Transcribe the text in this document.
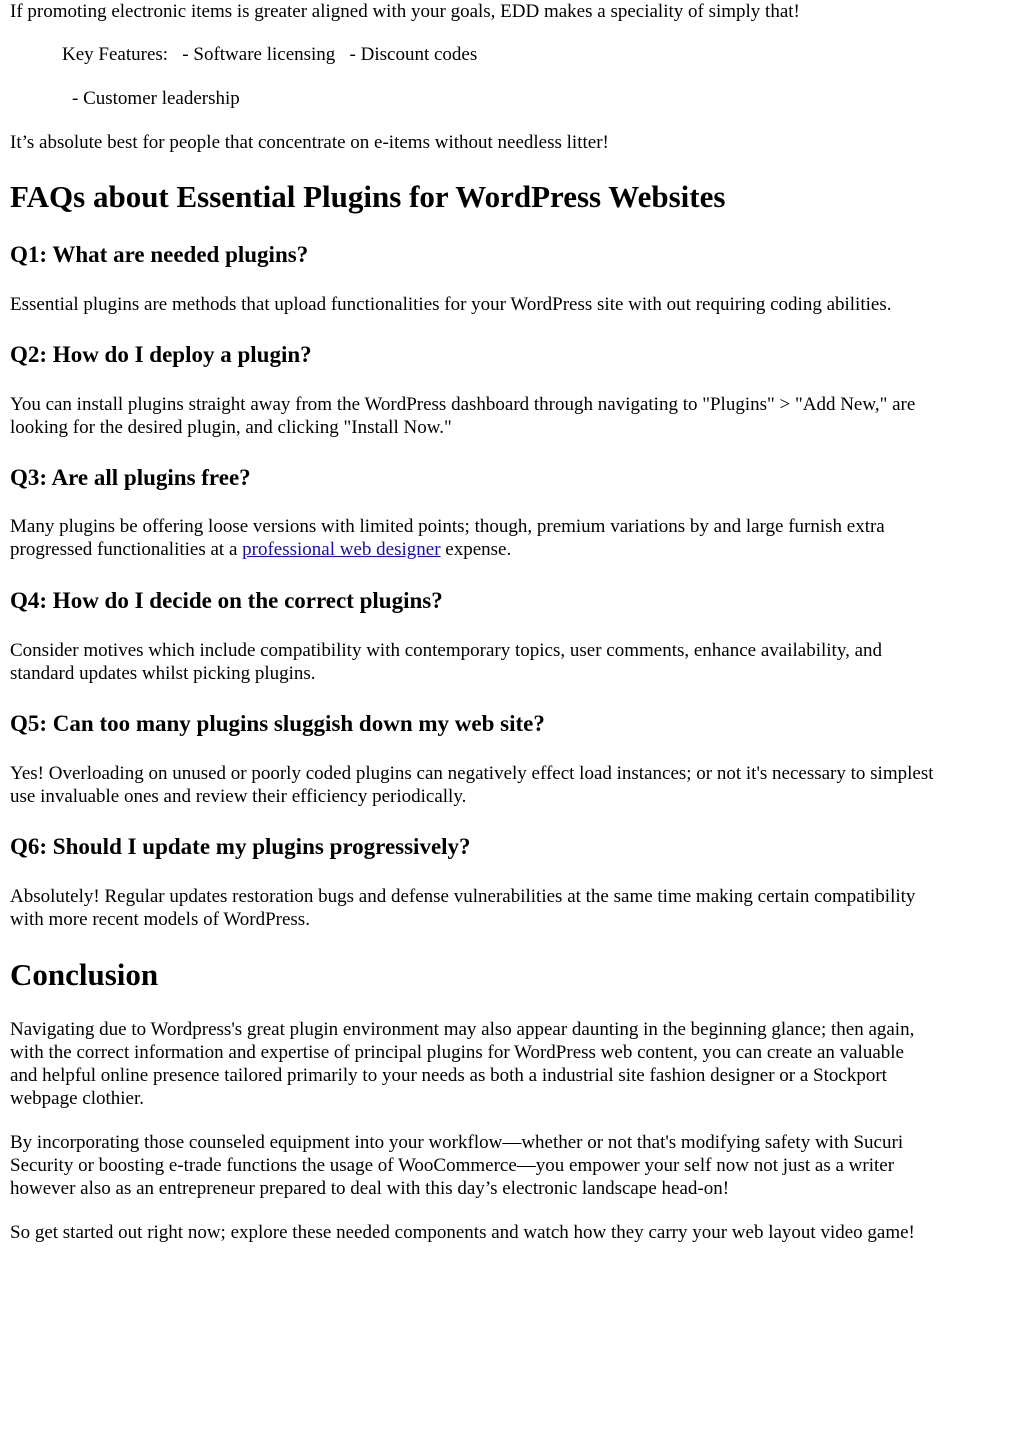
If promoting electronic items is greater aligned with your goals, EDD makes a speciality of simply that!

Key Features:   - Software licensing   - Discount codes

- Customer leadership

It’s absolute best for people that concentrate on e-items without needless litter!

FAQs about Essential Plugins for WordPress Websites
Q1: What are needed plugins?

Essential plugins are methods that upload functionalities for your WordPress site with out requiring coding abilities.

Q2: How do I deploy a plugin?

You can install plugins straight away from the WordPress dashboard through navigating to "Plugins" > "Add New," are

looking for the desired plugin, and clicking "Install Now."

Q3: Are all plugins free?

Many plugins be offering loose versions with limited points; though, premium variations by and large furnish extra

progressed functionalities at a professional web designer expense.

Q4: How do I decide on the correct plugins?

Consider motives which include compatibility with contemporary topics, user comments, enhance availability, and

standard updates whilst picking plugins.

Q5: Can too many plugins sluggish down my web site?

Yes! Overloading on unused or poorly coded plugins can negatively effect load instances; or not it's necessary to simplest

use invaluable ones and review their efficiency periodically.

Q6: Should I update my plugins progressively?

Absolutely! Regular updates restoration bugs and defense vulnerabilities at the same time making certain compatibility

with more recent models of WordPress.

Conclusion

Navigating due to Wordpress's great plugin environment may also appear daunting in the beginning glance; then again,

with the correct information and expertise of principal plugins for WordPress web content, you can create an valuable

and helpful online presence tailored primarily to your needs as both a industrial site fashion designer or a Stockport

webpage clothier.

By incorporating those counseled equipment into your workflow—whether or not that's modifying safety with Sucuri

Security or boosting e-trade functions the usage of WooCommerce—you empower your self now not just as a writer

however also as an entrepreneur prepared to deal with this day’s electronic landscape head-on!

So get started out right now; explore these needed components and watch how they carry your web layout video game!
